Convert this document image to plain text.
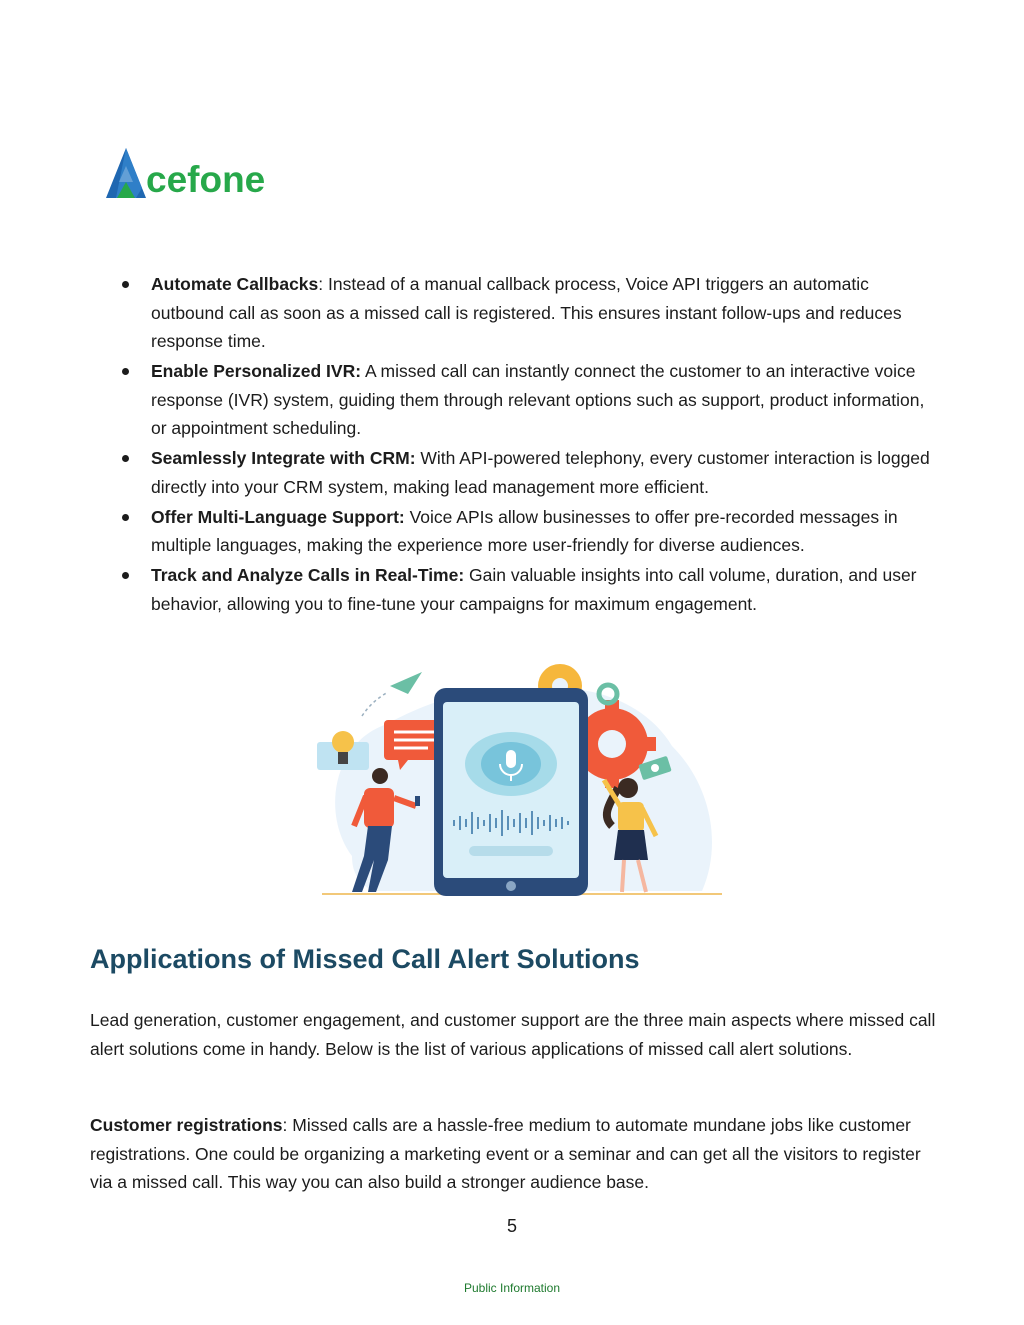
cefone
Automate Callbacks: Instead of a manual callback process, Voice API triggers an automatic outbound call as soon as a missed call is registered. This ensures instant follow-ups and reduces response time.
Enable Personalized IVR: A missed call can instantly connect the customer to an interactive voice response (IVR) system, guiding them through relevant options such as support, product information, or appointment scheduling.
Seamlessly Integrate with CRM: With API-powered telephony, every customer interaction is logged directly into your CRM system, making lead management more efficient.
Offer Multi-Language Support: Voice APIs allow businesses to offer pre-recorded messages in multiple languages, making the experience more user-friendly for diverse audiences.
Track and Analyze Calls in Real-Time: Gain valuable insights into call volume, duration, and user behavior, allowing you to fine-tune your campaigns for maximum engagement.
Applications of Missed Call Alert Solutions

Lead generation, customer engagement, and customer support are the three main aspects where missed call alert solutions come in handy. Below is the list of various applications of missed call alert solutions.

Customer registrations: Missed calls are a hassle-free medium to automate mundane jobs like customer registrations. One could be organizing a marketing event or a seminar and can get all the visitors to register via a missed call. This way you can also build a stronger audience base.

5
Public Information
